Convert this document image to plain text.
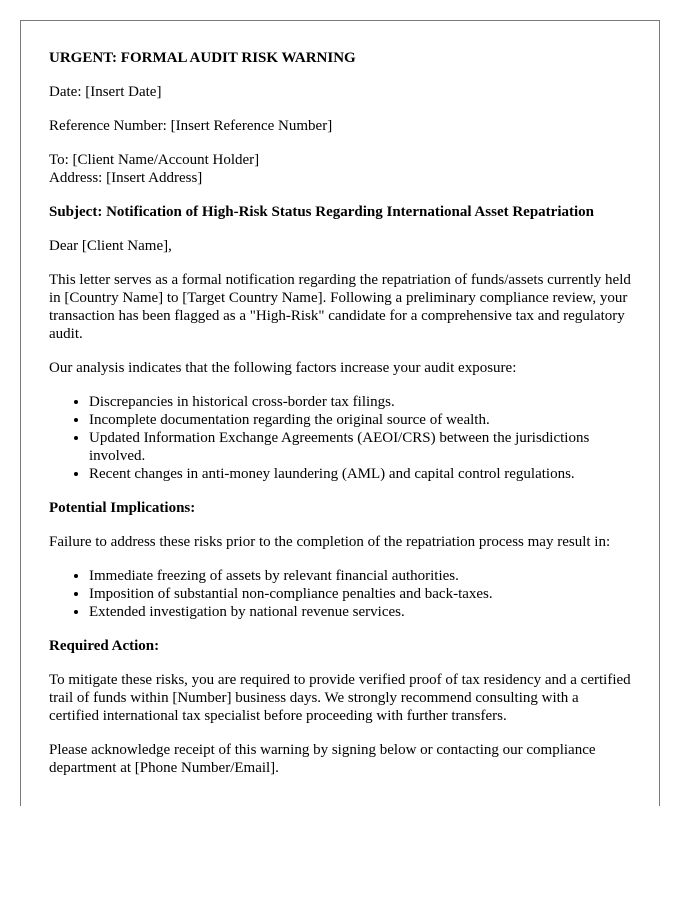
URGENT: FORMAL AUDIT RISK WARNING

Date: [Insert Date]

Reference Number: [Insert Reference Number]

To: [Client Name/Account Holder]
Address: [Insert Address]

Subject: Notification of High-Risk Status Regarding International Asset Repatriation

Dear [Client Name],

This letter serves as a formal notification regarding the repatriation of funds/assets currently held in [Country Name] to [Target Country Name]. Following a preliminary compliance review, your transaction has been flagged as a "High-Risk" candidate for a comprehensive tax and regulatory audit.

Our analysis indicates that the following factors increase your audit exposure:

• Discrepancies in historical cross-border tax filings.
• Incomplete documentation regarding the original source of wealth.
• Updated Information Exchange Agreements (AEOI/CRS) between the jurisdictions involved.
• Recent changes in anti-money laundering (AML) and capital control regulations.

Potential Implications:

Failure to address these risks prior to the completion of the repatriation process may result in:

• Immediate freezing of assets by relevant financial authorities.
• Imposition of substantial non-compliance penalties and back-taxes.
• Extended investigation by national revenue services.

Required Action:

To mitigate these risks, you are required to provide verified proof of tax residency and a certified trail of funds within [Number] business days. We strongly recommend consulting with a certified international tax specialist before proceeding with further transfers.

Please acknowledge receipt of this warning by signing below or contacting our compliance department at [Phone Number/Email].
